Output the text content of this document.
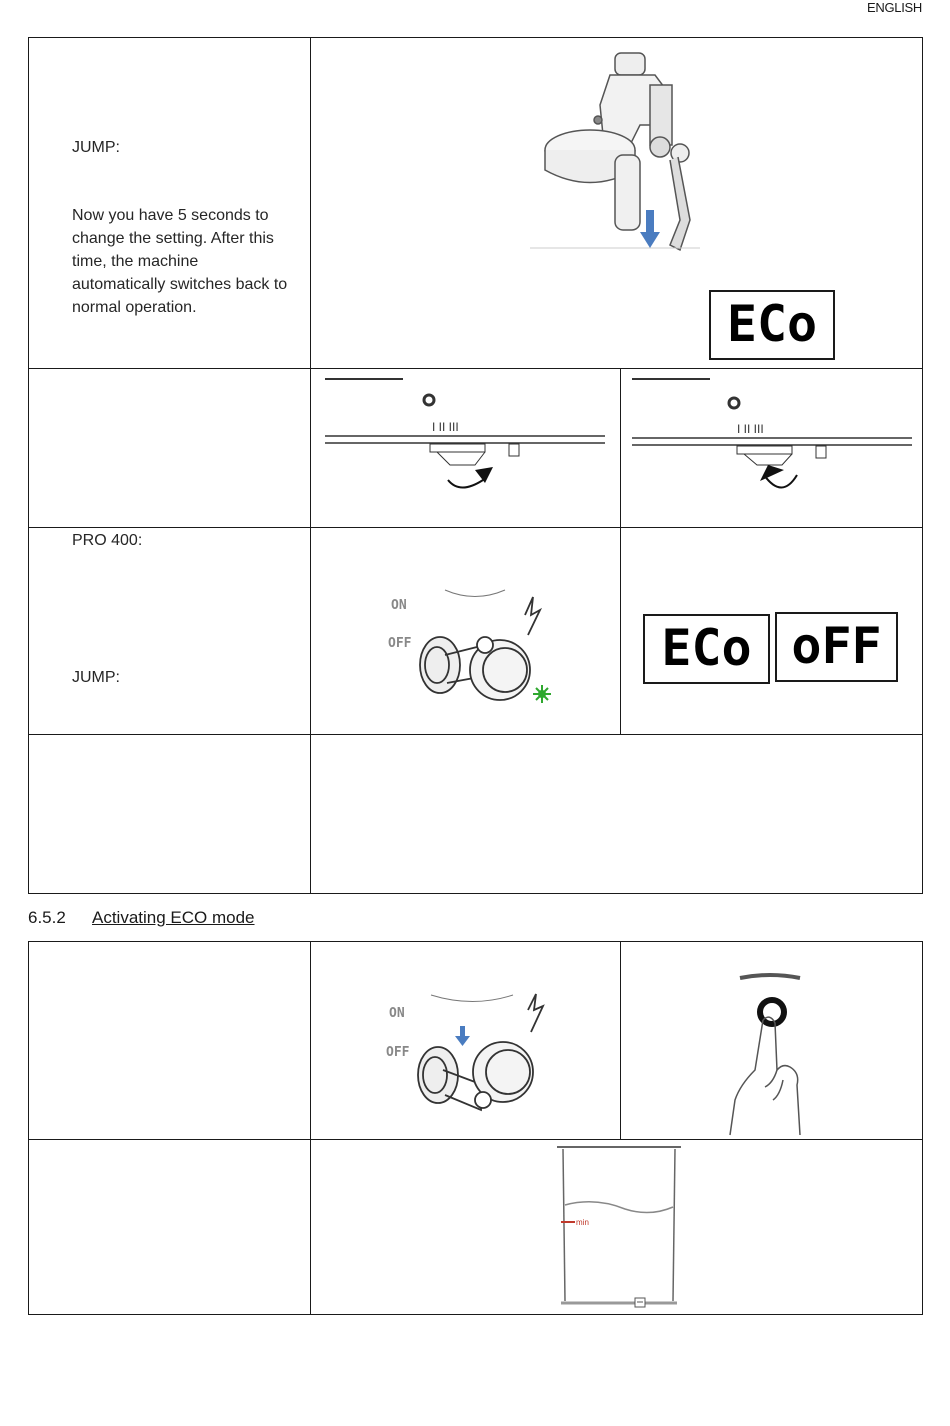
ENGLISH
JUMP:
Now you have 5 seconds to change the setting. After this time, the machine automatically switches back to normal operation.	ECo
I II III	I II III
PRO 400:
JUMP:
ON
OFF	ECo oFF
6.5.2 Activating ECO mode
ON
OFF
min
